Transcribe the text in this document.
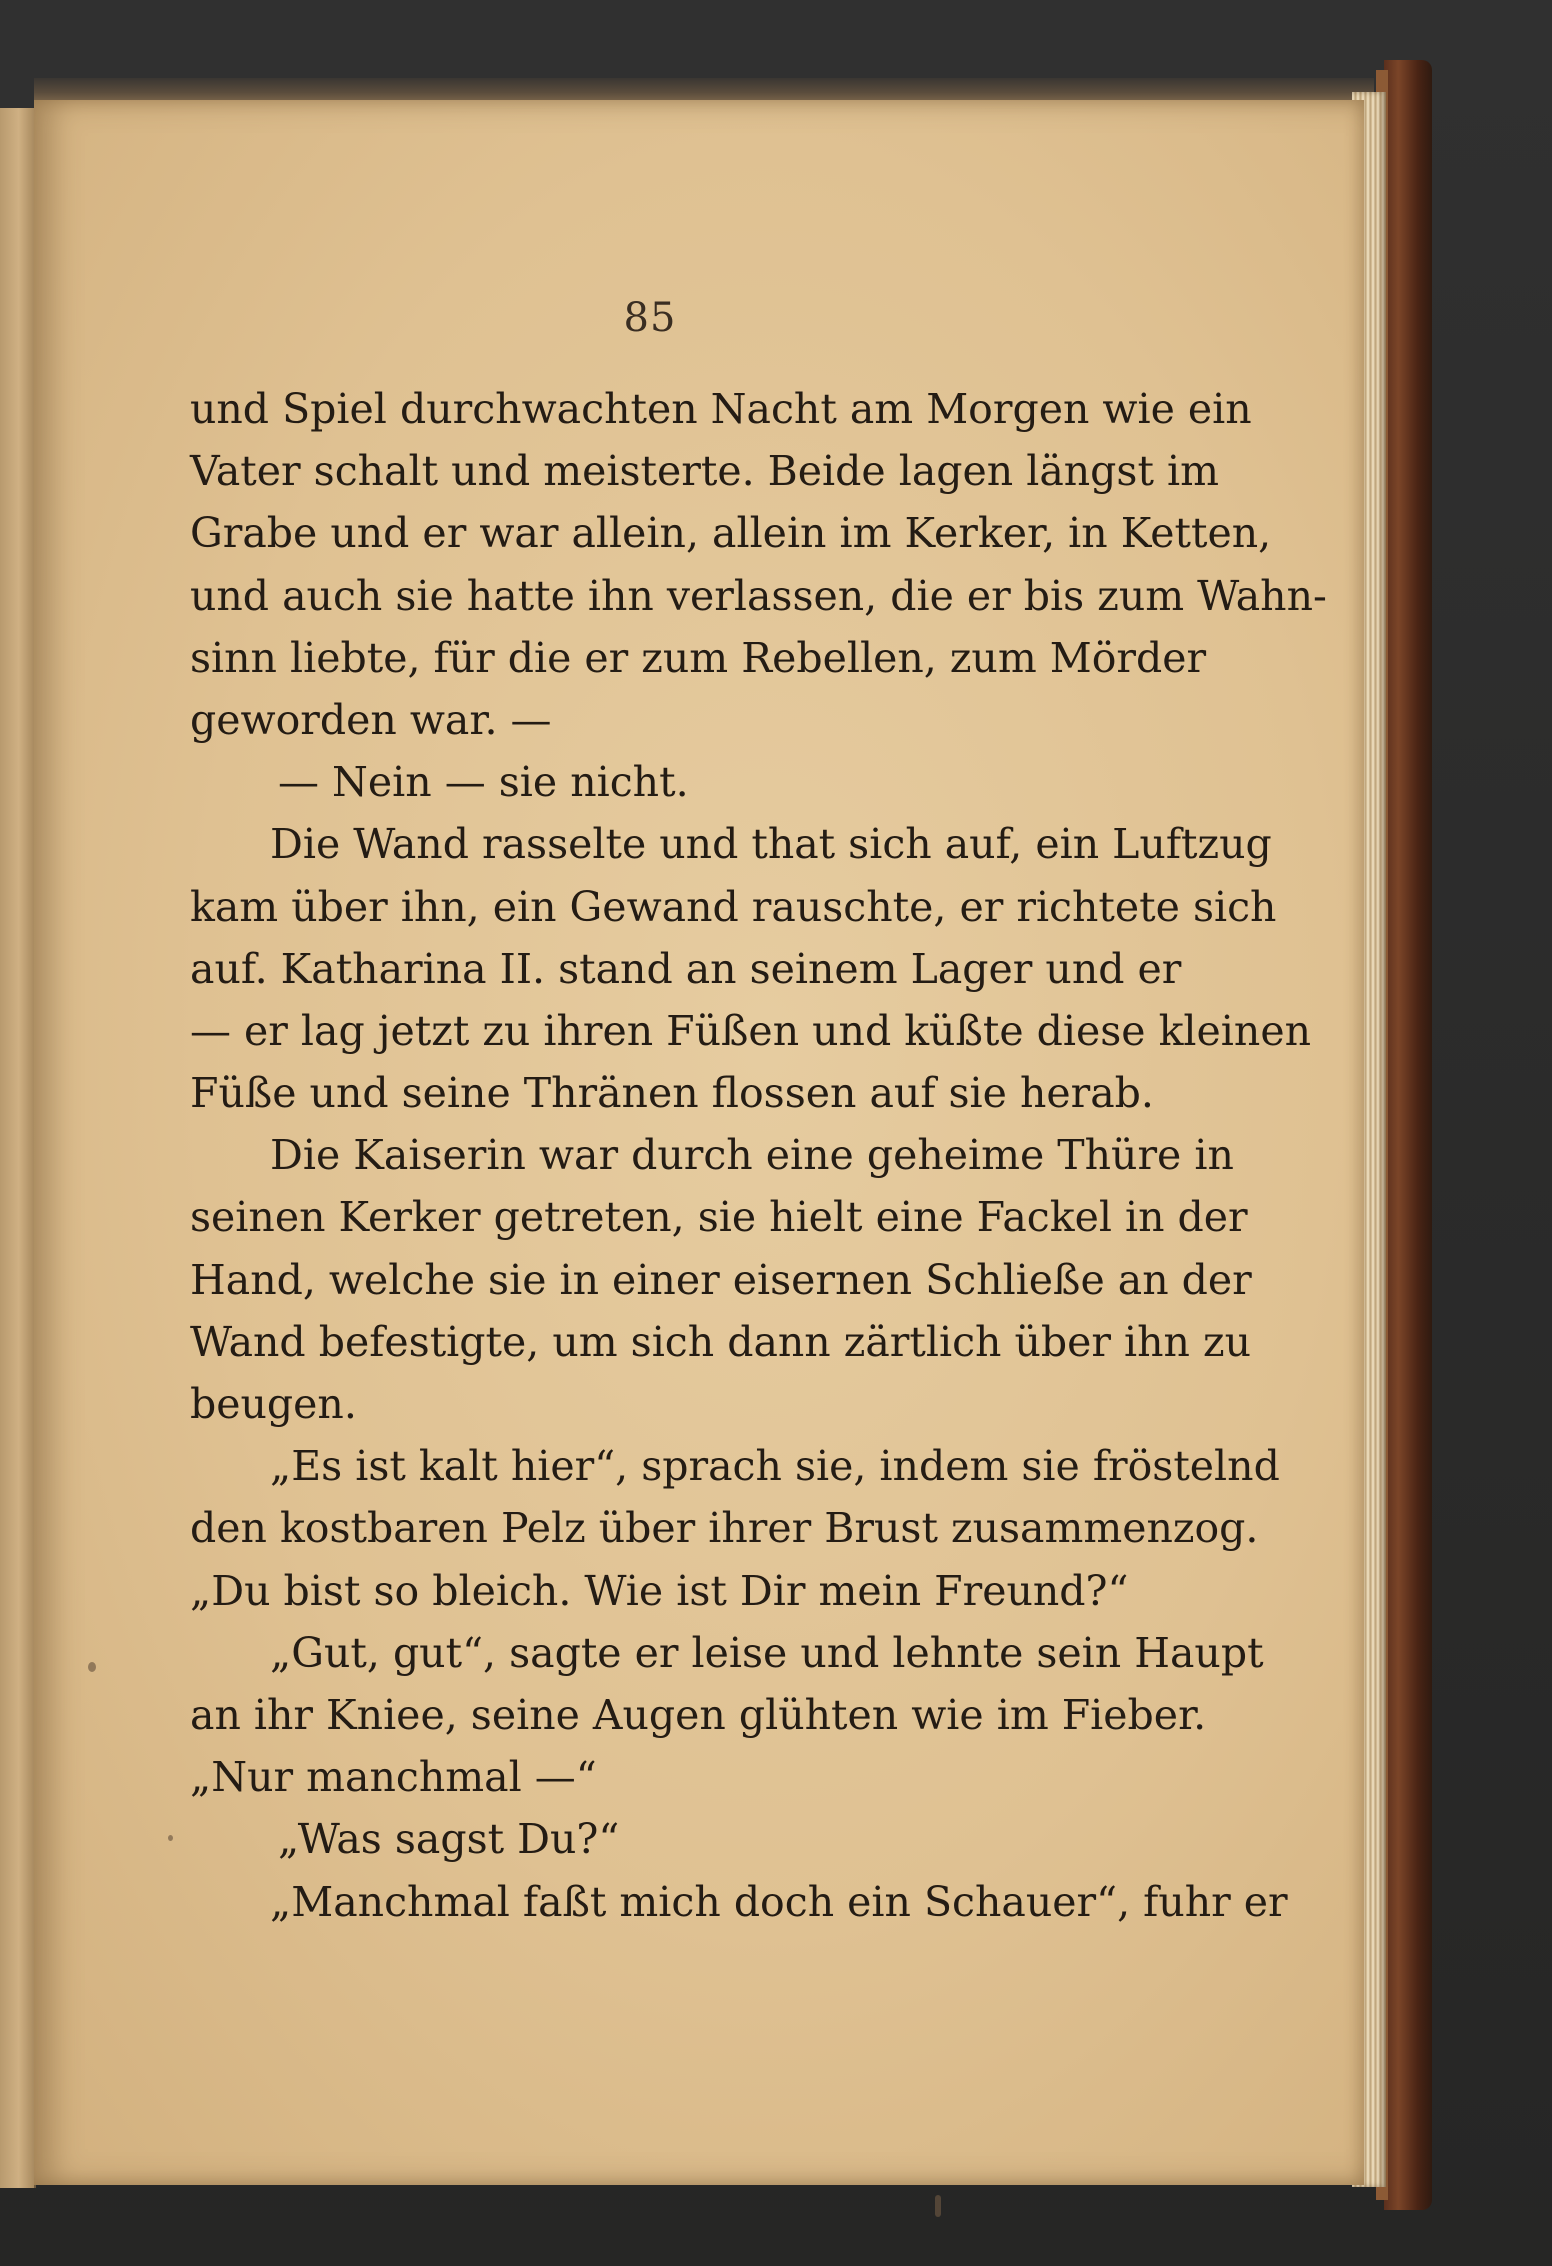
85
und Spiel durchwachten Nacht am Morgen wie ein
Vater schalt und meisterte. Beide lagen längst im
Grabe und er war allein, allein im Kerker, in Ketten,
und auch sie hatte ihn verlassen, die er bis zum Wahn-
sinn liebte, für die er zum Rebellen, zum Mörder
geworden war. —
— Nein — sie nicht.
Die Wand rasselte und that sich auf, ein Luftzug
kam über ihn, ein Gewand rauschte, er richtete sich
auf. Katharina II. stand an seinem Lager und er
— er lag jetzt zu ihren Füßen und küßte diese kleinen
Füße und seine Thränen flossen auf sie herab.
Die Kaiserin war durch eine geheime Thüre in
seinen Kerker getreten, sie hielt eine Fackel in der
Hand, welche sie in einer eisernen Schließe an der
Wand befestigte, um sich dann zärtlich über ihn zu
beugen.
„Es ist kalt hier“, sprach sie, indem sie fröstelnd
den kostbaren Pelz über ihrer Brust zusammenzog.
„Du bist so bleich. Wie ist Dir mein Freund?“
„Gut, gut“, sagte er leise und lehnte sein Haupt
an ihr Kniee, seine Augen glühten wie im Fieber.
„Nur manchmal —“
„Was sagst Du?“
„Manchmal faßt mich doch ein Schauer“, fuhr er
